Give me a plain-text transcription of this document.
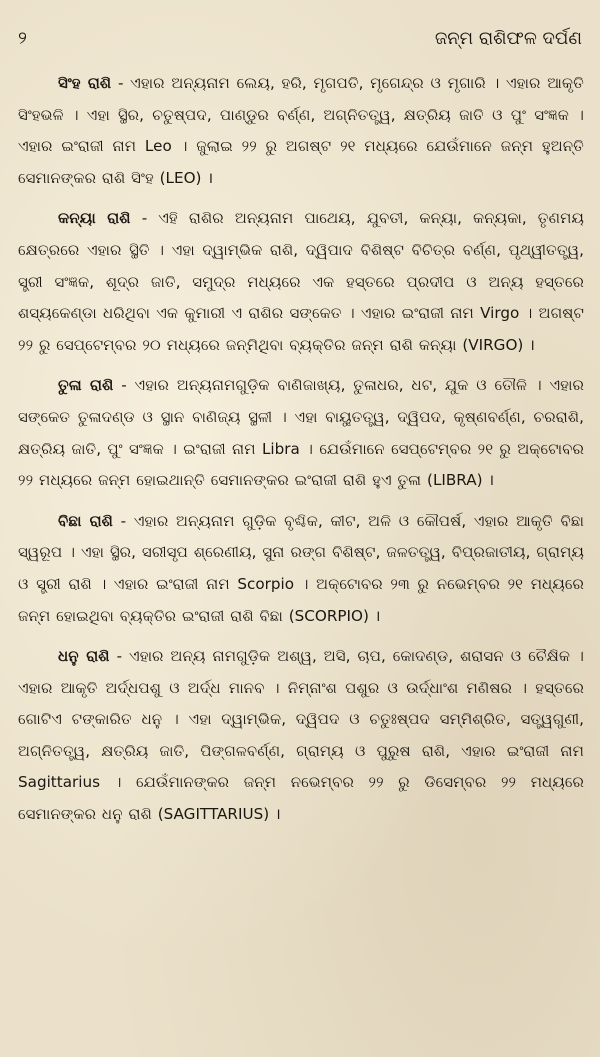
୨	ଜନ୍ମ ରାଶିଫଳ ଦର୍ପଣ

ସିଂହ ରାଶି - ଏହାର ଅନ୍ୟନାମ ଲେୟ, ହରି, ମୃଗପତି, ମୃଗେନ୍ଦ୍ର ଓ ମୃଗାରି । ଏହାର ଆକୃତି ସିଂହଭଳି । ଏହା ସ୍ଥିର, ଚତୁଷ୍ପଦ, ପାଣ୍ଡୁର ବର୍ଣ୍ଣ, ଅଗ୍ନିତତ୍ତ୍ୱ, କ୍ଷତ୍ରିୟ ଜାତି ଓ ପୁଂ ସଂଜ୍ଞକ । ଏହାର ଇଂରାଜୀ ନାମ Leo । ଜୁଲାଇ ୨୨ ରୁ ଅଗଷ୍ଟ ୨୧ ମଧ୍ୟରେ ଯେଉଁମାନେ ଜନ୍ମ ହୁଅନ୍ତି ସେମାନଙ୍କର ରାଶି ସିଂହ (LEO) ।

କନ୍ୟା ରାଶି - ଏହି ରାଶିର ଅନ୍ୟନାମ ପାଥେୟ, ଯୁବତୀ, କନ୍ୟା, କନ୍ୟକା, ତୃଣମୟ କ୍ଷେତ୍ରରେ ଏହାର ସ୍ଥିତି । ଏହା ଦ୍ୱାମ୍ଭିକ ରାଶି, ଦ୍ୱିପାଦ ବିଶିଷ୍ଟ ବିଚିତ୍ର ବର୍ଣ୍ଣ, ପୃଥ୍ୱୀତତ୍ତ୍ୱ, ସ୍ତ୍ରୀ ସଂଜ୍ଞକ, ଶୂଦ୍ର ଜାତି, ସମୁଦ୍ର ମଧ୍ୟରେ ଏକ ହସ୍ତରେ ପ୍ରଦୀପ ଓ ଅନ୍ୟ ହସ୍ତରେ ଶସ୍ୟକେଣ୍ଡା ଧରିଥିବା ଏକ କୁମାରୀ ଏ ରାଶିର ସଙ୍କେତ । ଏହାର ଇଂରାଜୀ ନାମ Virgo । ଅଗଷ୍ଟ ୨୨ ରୁ ସେପ୍ଟେମ୍ବର ୨୦ ମଧ୍ୟରେ ଜନ୍ମିଥିବା ବ୍ୟକ୍ତିର ଜନ୍ମ ରାଶି କନ୍ୟା (VIRGO) ।

ତୁଳା ରାଶି - ଏହାର ଅନ୍ୟନାମଗୁଡ଼ିକ ବାଣିଜାଖ୍ୟ, ତୁଳାଧର, ଧଟ, ଯୁକ ଓ ତୌଳି । ଏହାର ସଙ୍କେତ ତୁଳାଦଣ୍ଡ ଓ ସ୍ଥାନ ବାଣିଜ୍ୟ ସ୍ଥଳୀ । ଏହା ବାୟୁତତ୍ତ୍ୱ, ଦ୍ୱିପଦ, କୃଷ୍ଣବର୍ଣ୍ଣ, ଚରରାଶି, କ୍ଷତ୍ରିୟ ଜାତି, ପୁଂ ସଂଜ୍ଞକ । ଇଂରାଜୀ ନାମ Libra । ଯେଉଁମାନେ ସେପ୍ଟେମ୍ବର ୨୧ ରୁ ଅକ୍ଟୋବର ୨୨ ମଧ୍ୟରେ ଜନ୍ମ ହୋଇଥାନ୍ତି ସେମାନଙ୍କର ଇଂରାଜୀ ରାଶି ହୁଏ ତୁଳା (LIBRA) ।

ବିଛା ରାଶି - ଏହାର ଅନ୍ୟନାମ ଗୁଡ଼ିକ ବୃଶ୍ଚିକ, କୀଟ, ଅଳି ଓ କୌପର୍ଷ, ଏହାର ଆକୃତି ବିଛା ସ୍ୱରୂପ । ଏହା ସ୍ଥିର, ସରୀସୃପ ଶ୍ରେଣୀୟ, ସୁନା ରଙ୍ଗ ବିଶିଷ୍ଟ, ଜଳତତ୍ତ୍ୱ, ବିପ୍ରଜାତୀୟ, ଗ୍ରାମ୍ୟ ଓ ସ୍ତ୍ରୀ ରାଶି । ଏହାର ଇଂରାଜୀ ନାମ Scorpio । ଅକ୍ଟୋବର ୨୩ ରୁ ନଭେମ୍ବର ୨୧ ମଧ୍ୟରେ ଜନ୍ମ ହୋଇଥିବା ବ୍ୟକ୍ତିର ଇଂରାଜୀ ରାଶି ବିଛା (SCORPIO) ।

ଧନୁ ରାଶି - ଏହାର ଅନ୍ୟ ନାମଗୁଡ଼ିକ ଅଶ୍ୱ, ଅସି, ଚାପ, କୋଦଣ୍ଡ, ଶରାସନ ଓ ଚୈକ୍ଷିକ । ଏହାର ଆକୃତି ଅର୍ଦ୍ଧପଶୁ ଓ ଅର୍ଦ୍ଧ ମାନବ । ନିମ୍ନାଂଶ ପଶୁର ଓ ଉର୍ଦ୍ଧାଂଶ ମଣିଷର । ହସ୍ତରେ ଗୋଟିଏ ଟଙ୍କାରିତ ଧନୁ । ଏହା ଦ୍ୱାମ୍ଭିକ, ଦ୍ୱିପଦ ଓ ଚତୁଃଷ୍ପଦ ସମ୍ମିଶ୍ରିତ, ସତ୍ତ୍ୱଗୁଣୀ, ଅଗ୍ନିତତ୍ତ୍ୱ, କ୍ଷତ୍ରିୟ ଜାତି, ପିଙ୍ଗଳବର୍ଣ୍ଣ, ଗ୍ରାମ୍ୟ ଓ ପୁରୁଷ ରାଶି, ଏହାର ଇଂରାଜୀ ନାମ Sagittarius । ଯେଉଁମାନଙ୍କର ଜନ୍ମ ନଭେମ୍ବର ୨୨ ରୁ ଡିସେମ୍ବର ୨୨ ମଧ୍ୟରେ ସେମାନଙ୍କର ଧନୁ ରାଶି (SAGITTARIUS) ।
